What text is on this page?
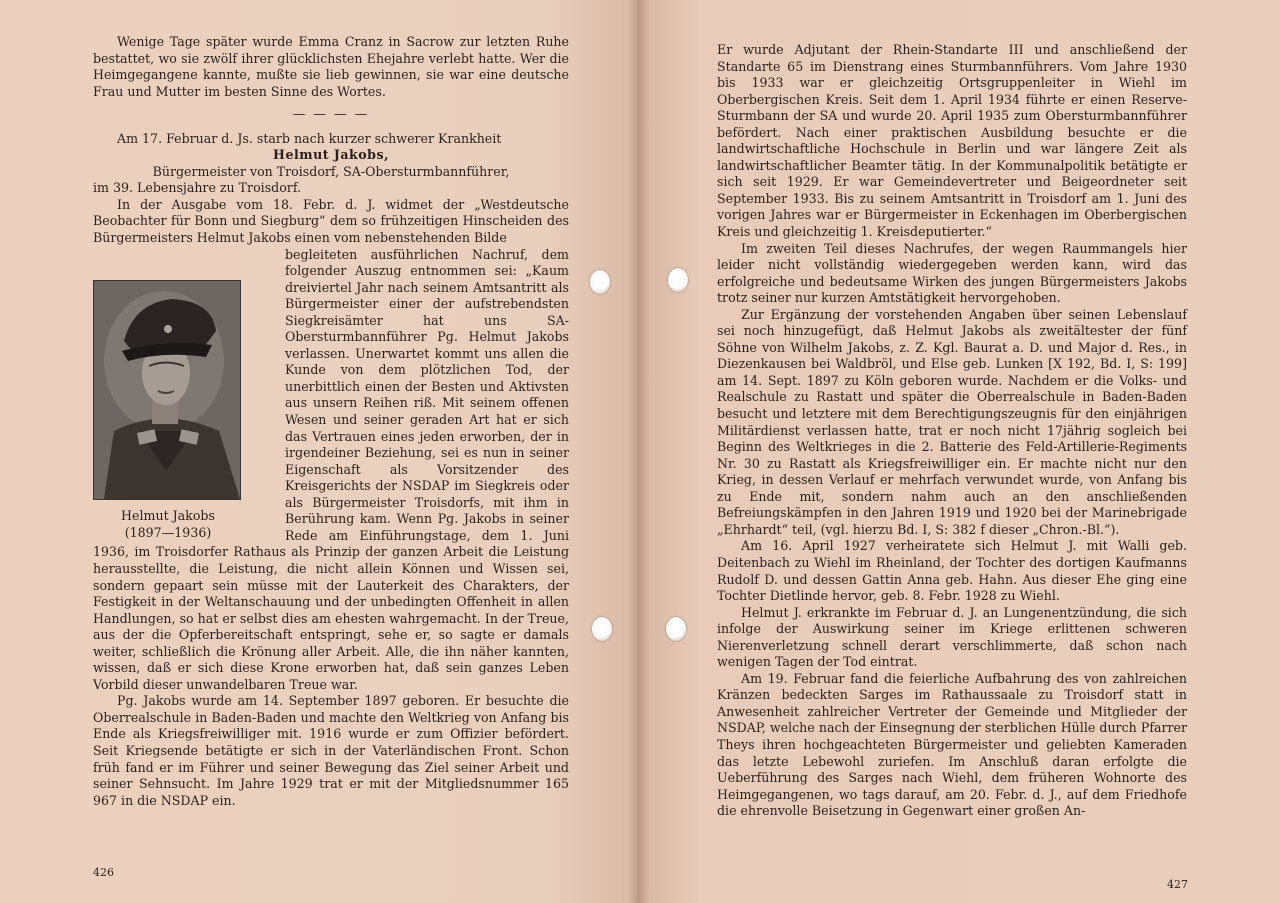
Wenige Tage später wurde Emma Cranz in Sacrow zur letzten Ruhe bestattet, wo sie zwölf ihrer glücklichsten Ehejahre verlebt hatte. Wer die Heimgegangene kannte, mußte sie lieb gewinnen, sie war eine deutsche Frau und Mutter im besten Sinne des Wortes.

— — — —

Am 17. Februar d. Js. starb nach kurzer schwerer Krankheit

Helmut Jakobs,

Bürgermeister von Troisdorf, SA-Obersturmbannführer,

im 39. Lebensjahre zu Troisdorf.

In der Ausgabe vom 18. Febr. d. J. widmet der „Westdeutsche Beobachter für Bonn und Siegburg“ dem so frühzeitigen Hinscheiden des Bürgermeisters Helmut Jakobs einen vom nebenstehenden Bilde

begleiteten ausführlichen Nachruf, dem folgender Auszug entnommen sei: „Kaum dreiviertel Jahr nach seinem Amtsantritt als Bürgermeister einer der aufstrebendsten Siegkreisämter hat uns SA-Obersturmbannführer Pg. Helmut Jakobs verlassen. Unerwartet kommt uns allen die Kunde von dem plötzlichen Tod, der unerbittlich einen der Besten und Aktivsten aus unsern Reihen riß. Mit seinem offenen Wesen und seiner geraden Art hat er sich das Vertrauen eines jeden erworben, der in irgendeiner Beziehung, sei es nun in seiner Eigenschaft als Vorsitzender des Kreisgerichts der NSDAP im Siegkreis oder als Bürgermeister Troisdorfs, mit ihm in Berührung kam. Wenn Pg. Jakobs in seiner Rede am Einführungstage, dem 1. Juni 1936, im Troisdorfer Rathaus als Prinzip der ganzen Arbeit die Leistung herausstellte, die Leistung, die nicht allein Können und Wissen sei, sondern gepaart sein müsse mit der Lauterkeit des Charakters, der Festigkeit in der Weltanschauung und der unbedingten Offenheit in allen Handlungen, so hat er selbst dies am ehesten wahrgemacht. In der Treue, aus der die Opferbereitschaft entspringt, sehe er, so sagte er damals weiter, schließlich die Krönung aller Arbeit. Alle, die ihn näher kannten, wissen, daß er sich diese Krone erworben hat, daß sein ganzes Leben Vorbild dieser unwandelbaren Treue war.

Pg. Jakobs wurde am 14. September 1897 geboren. Er besuchte die Oberrealschule in Baden-Baden und machte den Weltkrieg von Anfang bis Ende als Kriegsfreiwilliger mit. 1916 wurde er zum Offizier befördert. Seit Kriegsende betätigte er sich in der Vaterländischen Front. Schon früh fand er im Führer und seiner Bewegung das Ziel seiner Arbeit und seiner Sehnsucht. Im Jahre 1929 trat er mit der Mitgliedsnummer 165 967 in die NSDAP ein.

Helmut Jakobs
(1897—1936)
426

Er wurde Adjutant der Rhein-Standarte III und anschließend der Standarte 65 im Dienstrang eines Sturmbannführers. Vom Jahre 1930 bis 1933 war er gleichzeitig Ortsgruppenleiter in Wiehl im Oberbergischen Kreis. Seit dem 1. April 1934 führte er einen Reserve-Sturmbann der SA und wurde 20. April 1935 zum Obersturmbannführer befördert. Nach einer praktischen Ausbildung besuchte er die landwirtschaftliche Hochschule in Berlin und war längere Zeit als landwirtschaftlicher Beamter tätig. In der Kommunalpolitik betätigte er sich seit 1929. Er war Gemeindevertreter und Beigeordneter seit September 1933. Bis zu seinem Amtsantritt in Troisdorf am 1. Juni des vorigen Jahres war er Bürgermeister in Eckenhagen im Oberbergischen Kreis und gleichzeitig 1. Kreisdeputierter.“

Im zweiten Teil dieses Nachrufes, der wegen Raummangels hier leider nicht vollständig wiedergegeben werden kann, wird das erfolgreiche und bedeutsame Wirken des jungen Bürgermeisters Jakobs trotz seiner nur kurzen Amtstätigkeit hervorgehoben.

Zur Ergänzung der vorstehenden Angaben über seinen Lebenslauf sei noch hinzugefügt, daß Helmut Jakobs als zweitältester der fünf Söhne von Wilhelm Jakobs, z. Z. Kgl. Baurat a. D. und Major d. Res., in Diezenkausen bei Waldbröl, und Else geb. Lunken [X 192, Bd. I, S: 199] am 14. Sept. 1897 zu Köln geboren wurde. Nachdem er die Volks- und Realschule zu Rastatt und später die Oberrealschule in Baden-Baden besucht und letztere mit dem Berechtigungszeugnis für den einjährigen Militärdienst verlassen hatte, trat er noch nicht 17jährig sogleich bei Beginn des Weltkrieges in die 2. Batterie des Feld-Artillerie-Regiments Nr. 30 zu Rastatt als Kriegsfreiwilliger ein. Er machte nicht nur den Krieg, in dessen Verlauf er mehrfach verwundet wurde, von Anfang bis zu Ende mit, sondern nahm auch an den anschließenden Befreiungskämpfen in den Jahren 1919 und 1920 bei der Marinebrigade „Ehrhardt“ teil, (vgl. hierzu Bd. I, S: 382 f dieser „Chron.-Bl.“).

Am 16. April 1927 verheiratete sich Helmut J. mit Walli geb. Deitenbach zu Wiehl im Rheinland, der Tochter des dortigen Kaufmanns Rudolf D. und dessen Gattin Anna geb. Hahn. Aus dieser Ehe ging eine Tochter Dietlinde hervor, geb. 8. Febr. 1928 zu Wiehl.

Helmut J. erkrankte im Februar d. J. an Lungenentzündung, die sich infolge der Auswirkung seiner im Kriege erlittenen schweren Nierenverletzung schnell derart verschlimmerte, daß schon nach wenigen Tagen der Tod eintrat.

Am 19. Februar fand die feierliche Aufbahrung des von zahlreichen Kränzen bedeckten Sarges im Rathaussaale zu Troisdorf statt in Anwesenheit zahlreicher Vertreter der Gemeinde und Mitglieder der NSDAP, welche nach der Einsegnung der sterblichen Hülle durch Pfarrer Theys ihren hochgeachteten Bürgermeister und geliebten Kameraden das letzte Lebewohl zuriefen. Im Anschluß daran erfolgte die Ueberführung des Sarges nach Wiehl, dem früheren Wohnorte des Heimgegangenen, wo tags darauf, am 20. Febr. d. J., auf dem Friedhofe die ehrenvolle Beisetzung in Gegenwart einer großen An-

427
